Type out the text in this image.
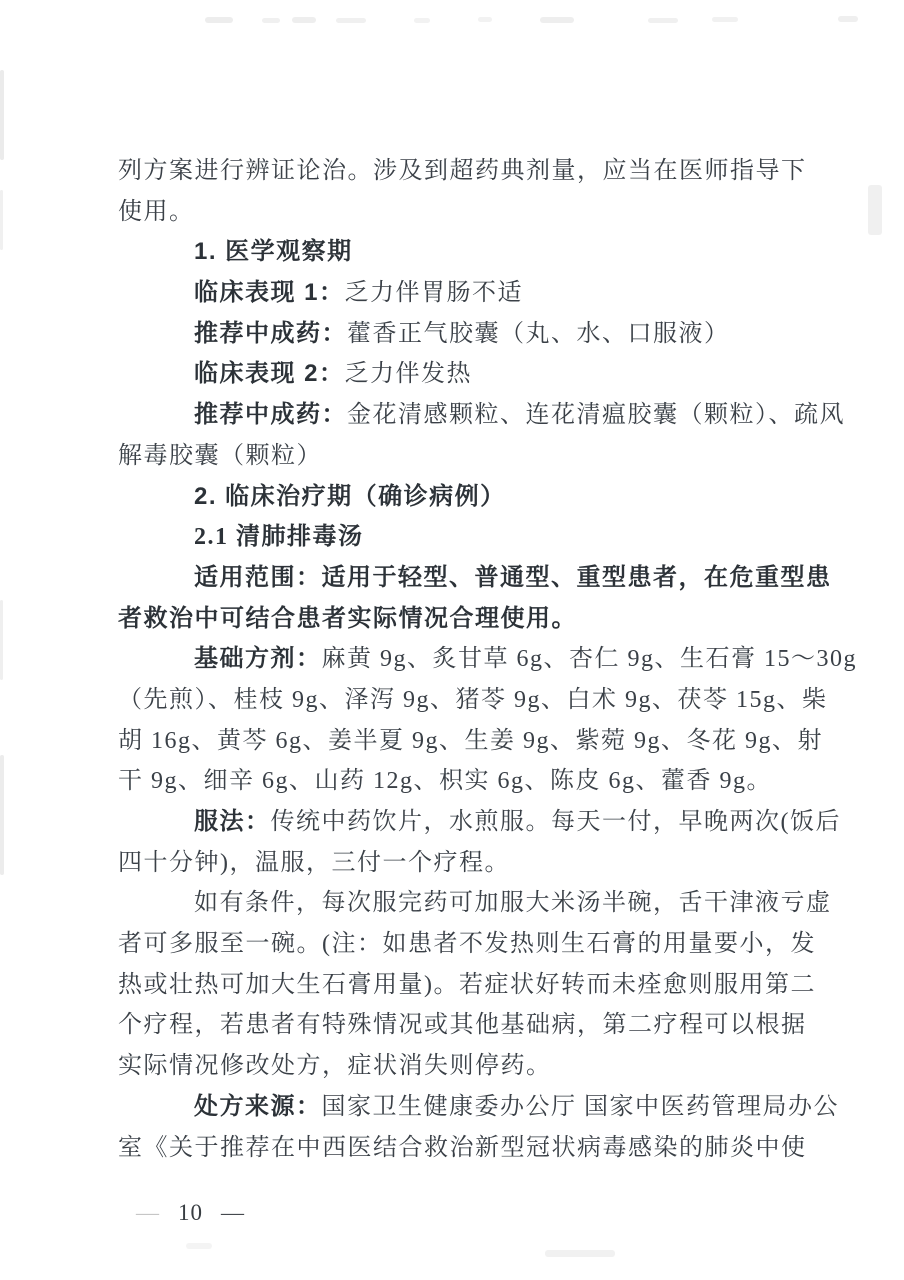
列方案进行辨证论治。涉及到超药典剂量，应当在医师指导下
使用。
1. 医学观察期
临床表现 1：乏力伴胃肠不适
推荐中成药：藿香正气胶囊（丸、水、口服液）
临床表现 2：乏力伴发热
推荐中成药：金花清感颗粒、连花清瘟胶囊（颗粒）、疏风
解毒胶囊（颗粒）
2. 临床治疗期（确诊病例）
2.1 清肺排毒汤
适用范围：适用于轻型、普通型、重型患者，在危重型患
者救治中可结合患者实际情况合理使用。
基础方剂：麻黄 9g、炙甘草 6g、杏仁 9g、生石膏 15～30g
（先煎）、桂枝 9g、泽泻 9g、猪苓 9g、白术 9g、茯苓 15g、柴
胡 16g、黄芩 6g、姜半夏 9g、生姜 9g、紫菀 9g、冬花 9g、射
干 9g、细辛 6g、山药 12g、枳实 6g、陈皮 6g、藿香 9g。
服法：传统中药饮片，水煎服。每天一付，早晚两次(饭后
四十分钟)，温服，三付一个疗程。
如有条件，每次服完药可加服大米汤半碗，舌干津液亏虚
者可多服至一碗。(注：如患者不发热则生石膏的用量要小，发
热或壮热可加大生石膏用量)。若症状好转而未痊愈则服用第二
个疗程，若患者有特殊情况或其他基础病，第二疗程可以根据
实际情况修改处方，症状消失则停药。
处方来源：国家卫生健康委办公厅 国家中医药管理局办公
室《关于推荐在中西医结合救治新型冠状病毒感染的肺炎中使
— 10 —
